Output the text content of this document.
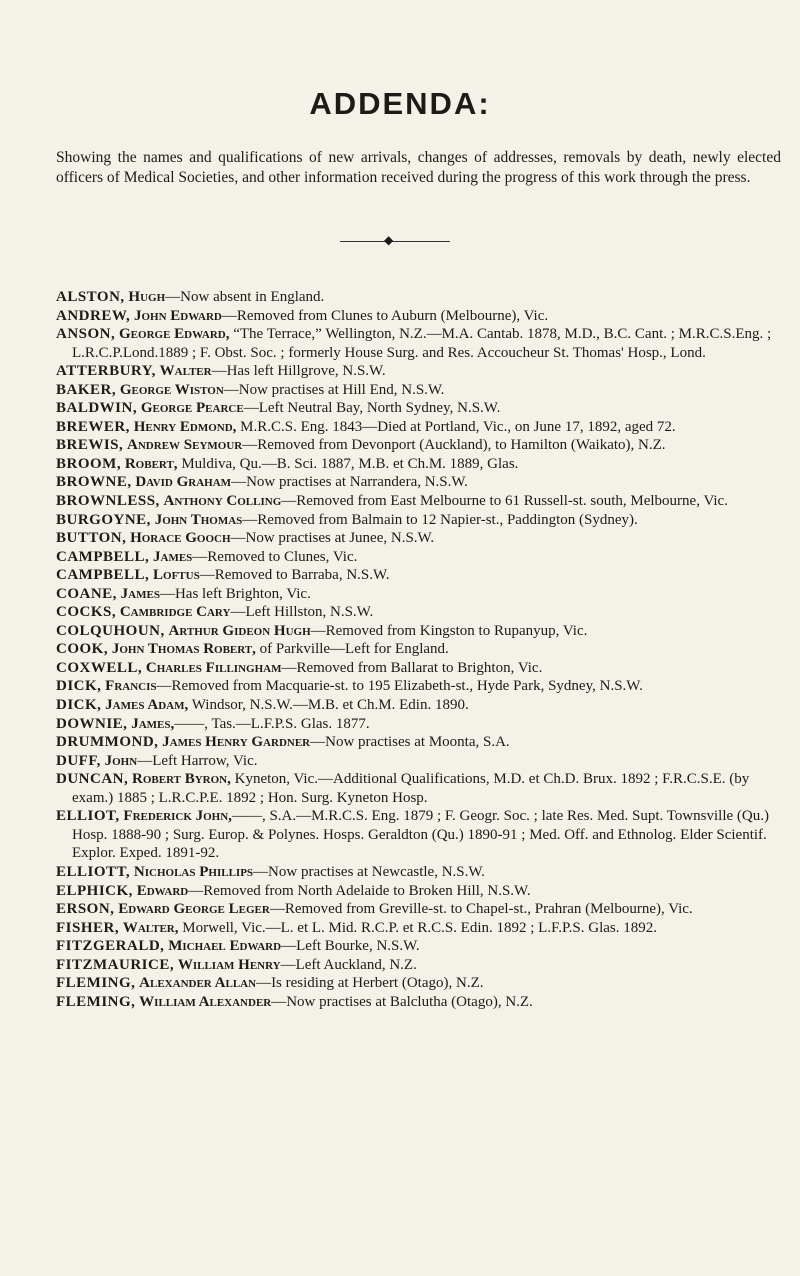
ADDENDA:
Showing the names and qualifications of new arrivals, changes of addresses, removals by death, newly elected officers of Medical Societies, and other information received during the progress of this work through the press.
◆
ALSTON, Hugh—Now absent in England.
ANDREW, John Edward—Removed from Clunes to Auburn (Melbourne), Vic.
ANSON, George Edward, “The Terrace,” Wellington, N.Z.—M.A. Cantab. 1878, M.D., B.C. Cant. ; M.R.C.S.Eng. ; L.R.C.P.Lond.1889 ; F. Obst. Soc. ; formerly House Surg. and Res. Accoucheur St. Thomas' Hosp., Lond.
ATTERBURY, Walter—Has left Hillgrove, N.S.W.
BAKER, George Wiston—Now practises at Hill End, N.S.W.
BALDWIN, George Pearce—Left Neutral Bay, North Sydney, N.S.W.
BREWER, Henry Edmond, M.R.C.S. Eng. 1843—Died at Portland, Vic., on June 17, 1892, aged 72.
BREWIS, Andrew Seymour—Removed from Devonport (Auckland), to Hamilton (Waikato), N.Z.
BROOM, Robert, Muldiva, Qu.—B. Sci. 1887, M.B. et Ch.M. 1889, Glas.
BROWNE, David Graham—Now practises at Narrandera, N.S.W.
BROWNLESS, Anthony Colling—Removed from East Melbourne to 61 Russell-st. south, Melbourne, Vic.
BURGOYNE, John Thomas—Removed from Balmain to 12 Napier-st., Paddington (Sydney).
BUTTON, Horace Gooch—Now practises at Junee, N.S.W.
CAMPBELL, James—Removed to Clunes, Vic.
CAMPBELL, Loftus—Removed to Barraba, N.S.W.
COANE, James—Has left Brighton, Vic.
COCKS, Cambridge Cary—Left Hillston, N.S.W.
COLQUHOUN, Arthur Gideon Hugh—Removed from Kingston to Rupanyup, Vic.
COOK, John Thomas Robert, of Parkville—Left for England.
COXWELL, Charles Fillingham—Removed from Ballarat to Brighton, Vic.
DICK, Francis—Removed from Macquarie-st. to 195 Elizabeth-st., Hyde Park, Sydney, N.S.W.
DICK, James Adam, Windsor, N.S.W.—M.B. et Ch.M. Edin. 1890.
DOWNIE, James,——, Tas.—L.F.P.S. Glas. 1877.
DRUMMOND, James Henry Gardner—Now practises at Moonta, S.A.
DUFF, John—Left Harrow, Vic.
DUNCAN, Robert Byron, Kyneton, Vic.—Additional Qualifications, M.D. et Ch.D. Brux. 1892 ; F.R.C.S.E. (by exam.) 1885 ; L.R.C.P.E. 1892 ; Hon. Surg. Kyneton Hosp.
ELLIOT, Frederick John,——, S.A.—M.R.C.S. Eng. 1879 ; F. Geogr. Soc. ; late Res. Med. Supt. Townsville (Qu.) Hosp. 1888-90 ; Surg. Europ. & Polynes. Hosps. Geraldton (Qu.) 1890-91 ; Med. Off. and Ethnolog. Elder Scientif. Explor. Exped. 1891-92.
ELLIOTT, Nicholas Phillips—Now practises at Newcastle, N.S.W.
ELPHICK, Edward—Removed from North Adelaide to Broken Hill, N.S.W.
ERSON, Edward George Leger—Removed from Greville-st. to Chapel-st., Prahran (Melbourne), Vic.
FISHER, Walter, Morwell, Vic.—L. et L. Mid. R.C.P. et R.C.S. Edin. 1892 ; L.F.P.S. Glas. 1892.
FITZGERALD, Michael Edward—Left Bourke, N.S.W.
FITZMAURICE, William Henry—Left Auckland, N.Z.
FLEMING, Alexander Allan—Is residing at Herbert (Otago), N.Z.
FLEMING, William Alexander—Now practises at Balclutha (Otago), N.Z.
